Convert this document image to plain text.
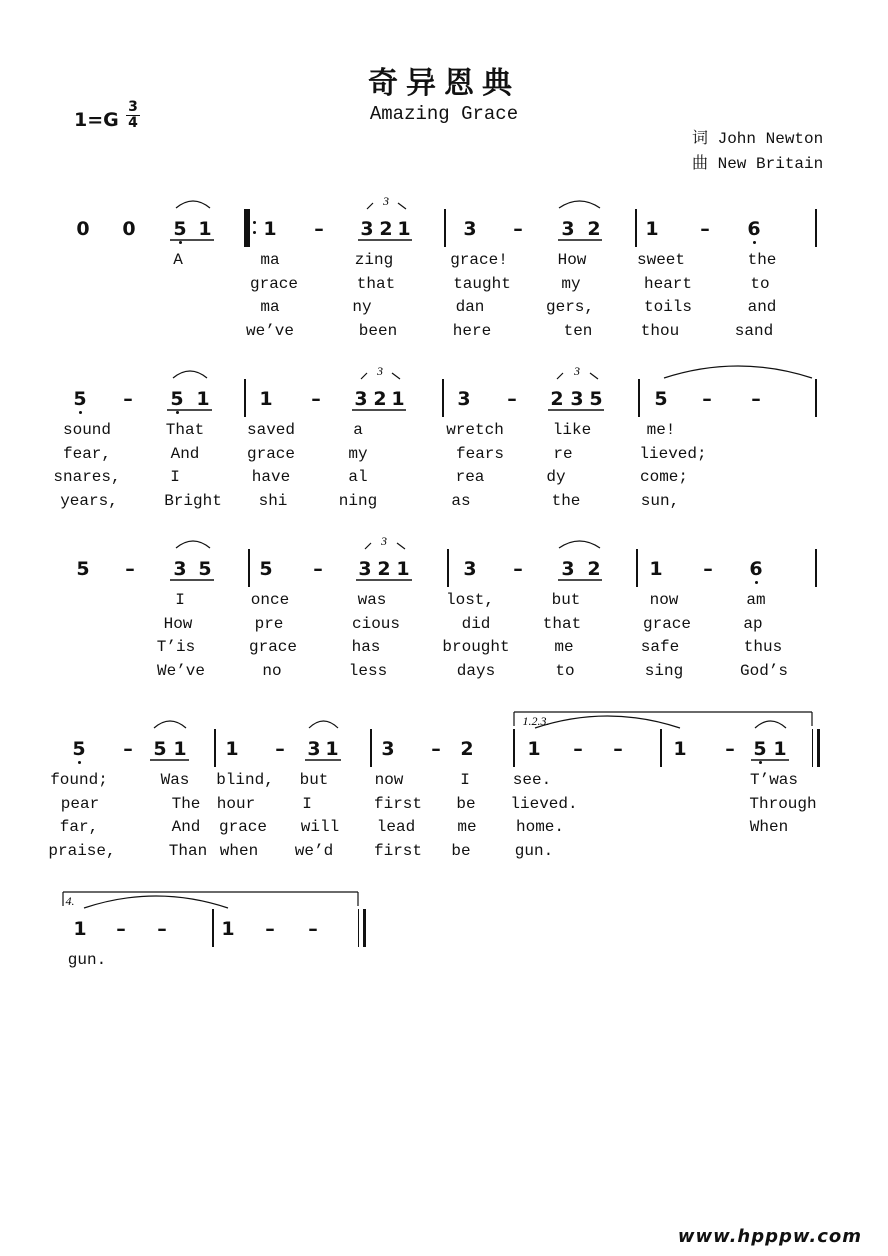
奇异恩典
Amazing Grace
1=G
3
4
词 John Newton
曲 New Britain
3
3	3
3
1.2.3.
4.
0 0 5 1	1 – 3 2 1	3 – 3 2 1 – 6
5 – 5 1	1 – 3 2 1	3 – 2 3 5	5 – –
5 – 3 5	5 – 3 2 1	3 – 3 2	1 – 6
5 – 5 1 1 – 3 1 3 – 2	1 – –	1 – 5 1
1 – –	1 – –
A	ma	zing	grace!	How	sweet	the
grace	that	taught	my	heart	to
ma	ny	dan	gers,	toils	and
we’ve	been	here	ten	thou	sand
sound	That	saved	a	wretch	like	me!
fear,	And	grace	my	fears	re	lieved;
snares,	I	have	al	rea	dy	come;
years,	Bright shi	ning	as	the	sun,
I	once	was	lost,	but	now	am
How	pre	cious	did	that	grace	ap
T’is	grace	has	brought	me	safe	thus
We’ve	no	less	days	to	sing	God’s
found;	Was blind, but	now	I	see.	T’was
pear	The hour	I	first be lieved.	Through
far,	And grace will lead	me home.	When
praise,	Than when we’d	first be	gun.
gun.
www.hpppw.com
